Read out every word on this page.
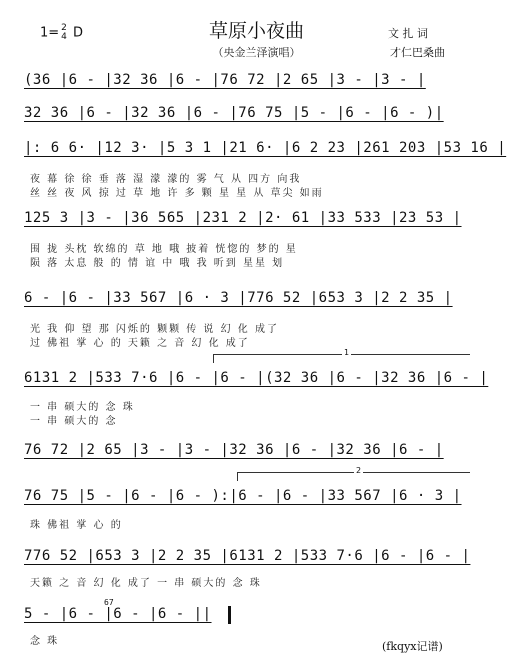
1= 2
4 D	草原小夜曲
（央金兰泽演唱）
文 扎 词
才仁巴桑曲
(36 |6 - |32 36 |6 - |76 72 |2 65 |3 - |3 - |
32 36 |6 - |32 36 |6 - |76 75 |5 - |6 - |6 - )|
|: 6 6· |12 3· |5 3 1 |21 6· |6 2 23 |261 203 |53 16 |
夜 幕 徐 徐 垂 落 湿 濛 濛的 雾 气 从 四方 向我
丝 丝 夜 风 掠 过 草 地 许 多 颗 星 星 从 草尖 如雨
125 3 |3 - |36 565 |231 2 |2· 61 |33 533 |23 53 |
围 拢 头枕 软绵的 草 地 哦 披着 恍惚的 梦的 星
陨 落 太息 般 的 情 谊 中 哦 我 听到 星星 划
6 - |6 - |33 567 |6 · 3 |776 52 |653 3 |2 2 35 |
光 我 仰 望 那 闪烁的 颗颗 传 说 幻 化 成了
过 佛祖 掌 心 的 天籁 之 音 幻 化 成了
1
6131 2 |533 7·6 |6 - |6 - |(32 36 |6 - |32 36 |6 - |
一 串 硕大的 念 珠
一 串 硕大的 念
76 72 |2 65 |3 - |3 - |32 36 |6 - |32 36 |6 - |
2
76 75 |5 - |6 - |6 - ):|6 - |6 - |33 567 |6 · 3 |
珠 佛祖 掌 心 的
776 52 |653 3 |2 2 35 |6131 2 |533 7·6 |6 - |6 - |
天籁 之 音 幻 化 成了 一 串 硕大的 念 珠
67
5 - |6 - |6 - |6 - ||
念 珠	(fkqyx记谱)
